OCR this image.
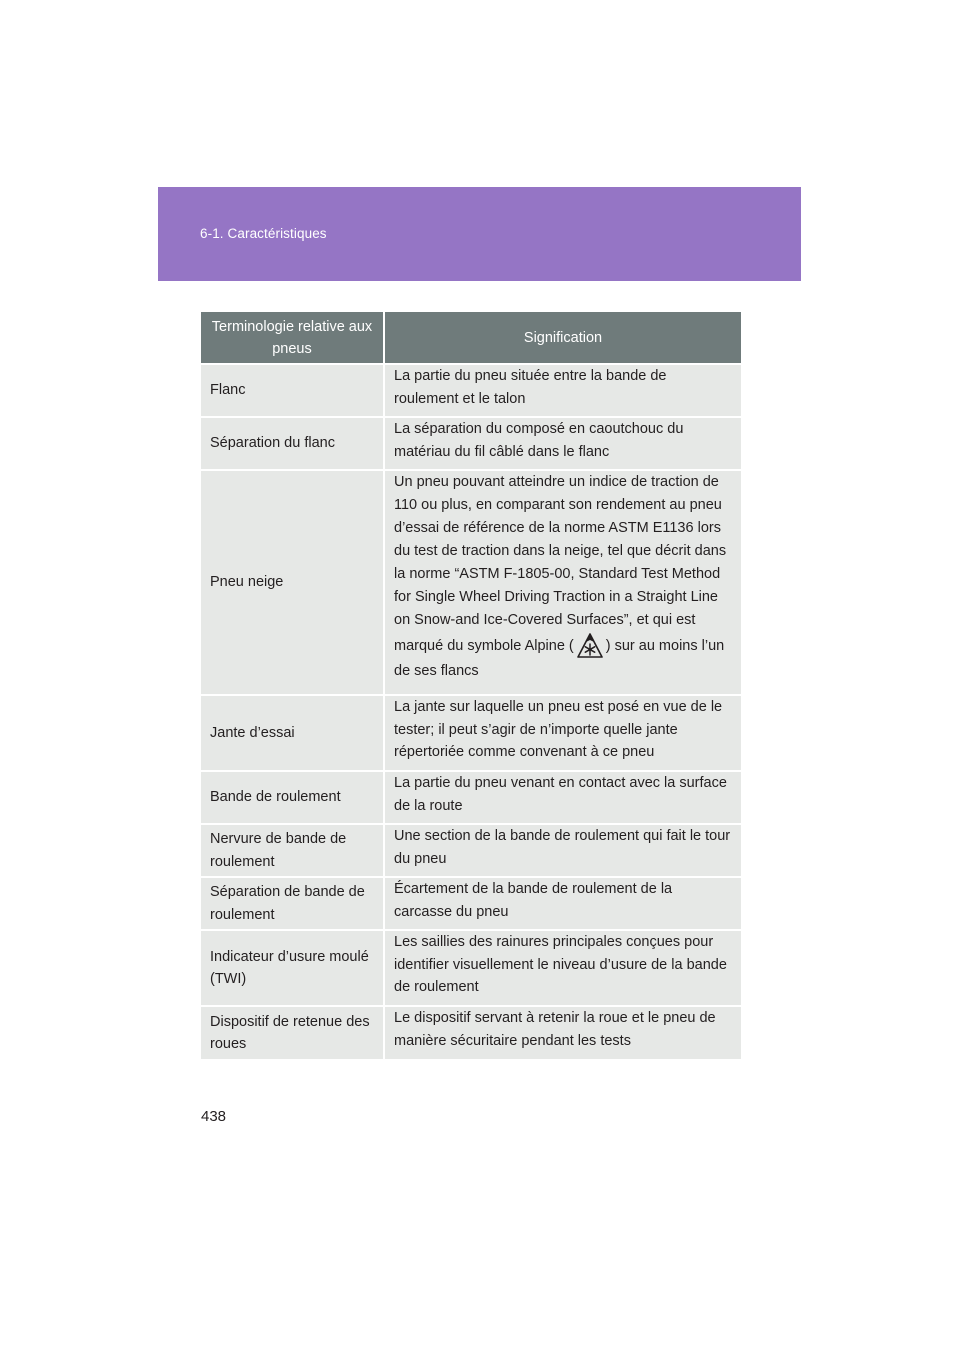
6-1. Caractéristiques
Terminologie relative aux pneus	Signification
Flanc	La partie du pneu située entre la bande de roulement et le talon
Séparation du flanc	La séparation du composé en caoutchouc du matériau du fil câblé dans le flanc
Pneu neige	Un pneu pouvant atteindre un indice de traction de 110 ou plus, en comparant son rendement au pneu d’essai de référence de la norme ASTM E1136 lors du test de traction dans la neige, tel que décrit dans la norme “ASTM F-1805-00, Standard Test Method for Single Wheel Driving Traction in a Straight Line on Snow-and Ice-Covered Surfaces”, et qui est marqué du symbole Alpine ( ) sur au moins l’un de ses flancs
Jante d’essai	La jante sur laquelle un pneu est posé en vue de le tester; il peut s’agir de n’importe quelle jante répertoriée comme convenant à ce pneu
Bande de roulement	La partie du pneu venant en contact avec la surface de la route
Nervure de bande de roulement	Une section de la bande de roulement qui fait le tour du pneu
Séparation de bande de roulement	Écartement de la bande de roulement de la carcasse du pneu
Indicateur d’usure moulé (TWI)	Les saillies des rainures principales conçues pour identifier visuellement le niveau d’usure de la bande de roulement
Dispositif de retenue des roues	Le dispositif servant à retenir la roue et le pneu de manière sécuritaire pendant les tests
438
